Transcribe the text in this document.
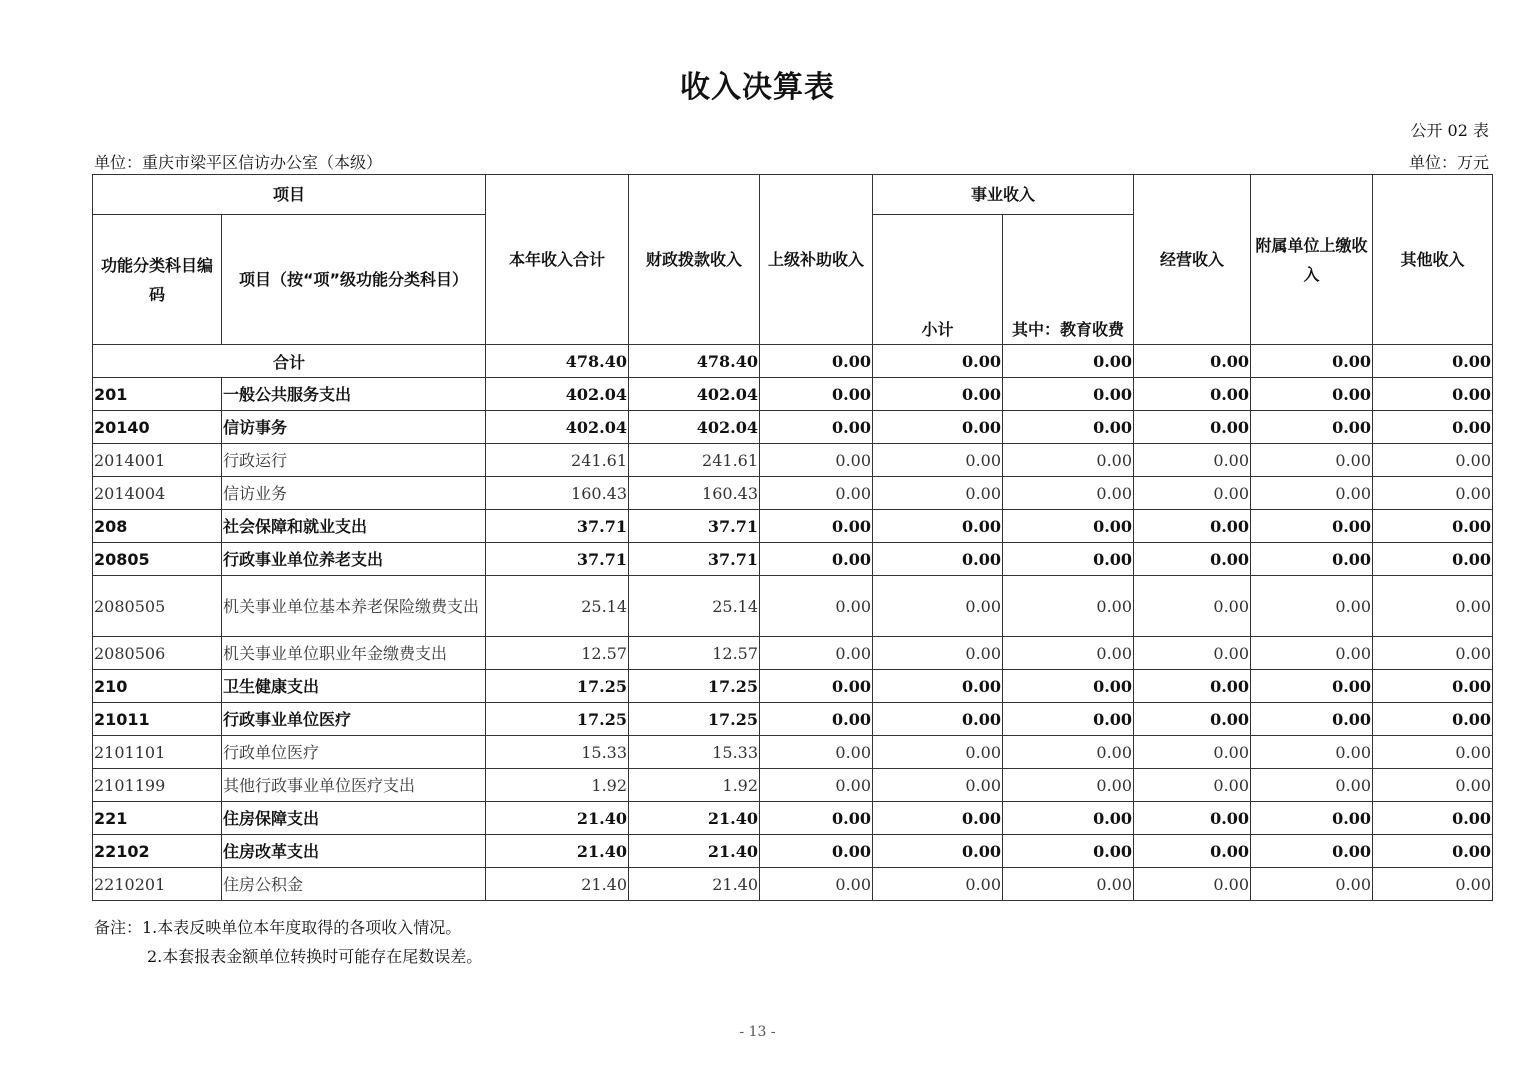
收入决算表
公开 02 表
单位：重庆市梁平区信访办公室（本级）	单位：万元
项目		本年收入合计	财政拨款收入	上级补助收入	事业收入		经营收入	附属单位上缴收入	其他收入
功能分类科目编码	项目（按“项”级功能分类科目）				小计	其中：教育收费			
合计		478.40	478.40	0.00	0.00	0.00	0.00	0.00	0.00
201	一般公共服务支出	402.04	402.04	0.00	0.00	0.00	0.00	0.00	0.00
20140	信访事务	402.04	402.04	0.00	0.00	0.00	0.00	0.00	0.00
2014001	行政运行	241.61	241.61	0.00	0.00	0.00	0.00	0.00	0.00
2014004	信访业务	160.43	160.43	0.00	0.00	0.00	0.00	0.00	0.00
208	社会保障和就业支出	37.71	37.71	0.00	0.00	0.00	0.00	0.00	0.00
20805	行政事业单位养老支出	37.71	37.71	0.00	0.00	0.00	0.00	0.00	0.00
2080505	机关事业单位基本养老保险缴费支出	25.14	25.14	0.00	0.00	0.00	0.00	0.00	0.00
2080506	机关事业单位职业年金缴费支出	12.57	12.57	0.00	0.00	0.00	0.00	0.00	0.00
210	卫生健康支出	17.25	17.25	0.00	0.00	0.00	0.00	0.00	0.00
21011	行政事业单位医疗	17.25	17.25	0.00	0.00	0.00	0.00	0.00	0.00
2101101	行政单位医疗	15.33	15.33	0.00	0.00	0.00	0.00	0.00	0.00
2101199	其他行政事业单位医疗支出	1.92	1.92	0.00	0.00	0.00	0.00	0.00	0.00
221	住房保障支出	21.40	21.40	0.00	0.00	0.00	0.00	0.00	0.00
22102	住房改革支出	21.40	21.40	0.00	0.00	0.00	0.00	0.00	0.00
2210201	住房公积金	21.40	21.40	0.00	0.00	0.00	0.00	0.00	0.00
备注：1.本表反映单位本年度取得的各项收入情况。
2.本套报表金额单位转换时可能存在尾数误差。
- 13 -
